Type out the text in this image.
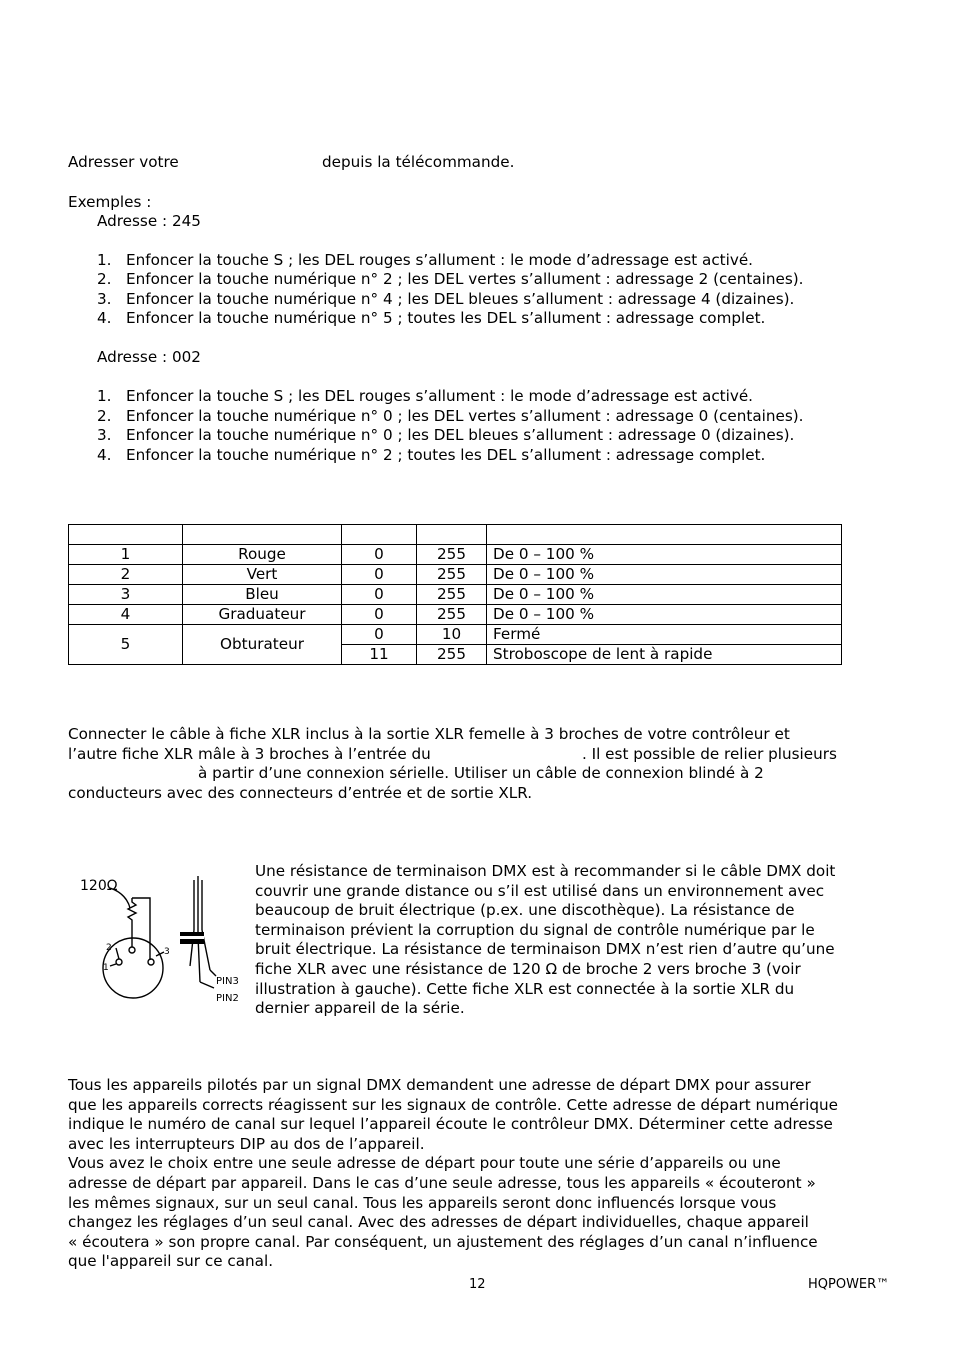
Adresser votre	depuis la télécommande.
Exemples :
Adresse : 245
1. Enfoncer la touche S ; les DEL rouges s’allument : le mode d’adressage est activé.
2. Enfoncer la touche numérique n° 2 ; les DEL vertes s’allument : adressage 2 (centaines).
3. Enfoncer la touche numérique n° 4 ; les DEL bleues s’allument : adressage 4 (dizaines).
4. Enfoncer la touche numérique n° 5 ; toutes les DEL s’allument : adressage complet.
Adresse : 002
1. Enfoncer la touche S ; les DEL rouges s’allument : le mode d’adressage est activé.
2. Enfoncer la touche numérique n° 0 ; les DEL vertes s’allument : adressage 0 (centaines).
3. Enfoncer la touche numérique n° 0 ; les DEL bleues s’allument : adressage 0 (dizaines).
4. Enfoncer la touche numérique n° 2 ; toutes les DEL s’allument : adressage complet.

1	Rouge	0	255	De 0 – 100 %
2	Vert	0	255	De 0 – 100 %
3	Bleu	0	255	De 0 – 100 %
4	Graduateur	0	255	De 0 – 100 %
5	Obturateur	0	10	Fermé
		11	255	Stroboscope de lent à rapide
Connecter le câble à fiche XLR inclus à la sortie XLR femelle à 3 broches de votre contrôleur et
l’autre fiche XLR mâle à 3 broches à l’entrée du	. Il est possible de relier plusieurs
à partir d’une connexion sérielle. Utiliser un câble de connexion blindé à 2
conducteurs avec des connecteurs d’entrée et de sortie XLR.
120Ω
2
1
3
PIN3
PIN2
Une résistance de terminaison DMX est à recommander si le câble DMX doit
couvrir une grande distance ou s’il est utilisé dans un environnement avec
beaucoup de bruit électrique (p.ex. une discothèque). La résistance de
terminaison prévient la corruption du signal de contrôle numérique par le
bruit électrique. La résistance de terminaison DMX n’est rien d’autre qu’une
fiche XLR avec une résistance de 120 Ω de broche 2 vers broche 3 (voir
illustration à gauche). Cette fiche XLR est connectée à la sortie XLR du
dernier appareil de la série.
Tous les appareils pilotés par un signal DMX demandent une adresse de départ DMX pour assurer
que les appareils corrects réagissent sur les signaux de contrôle. Cette adresse de départ numérique
indique le numéro de canal sur lequel l’appareil écoute le contrôleur DMX. Déterminer cette adresse
avec les interrupteurs DIP au dos de l’appareil.
Vous avez le choix entre une seule adresse de départ pour toute une série d’appareils ou une
adresse de départ par appareil. Dans le cas d’une seule adresse, tous les appareils « écouteront »
les mêmes signaux, sur un seul canal. Tous les appareils seront donc influencés lorsque vous
changez les réglages d’un seul canal. Avec des adresses de départ individuelles, chaque appareil
« écoutera » son propre canal. Par conséquent, un ajustement des réglages d’un canal n’influence
que l'appareil sur ce canal.
12	HQPOWER™
